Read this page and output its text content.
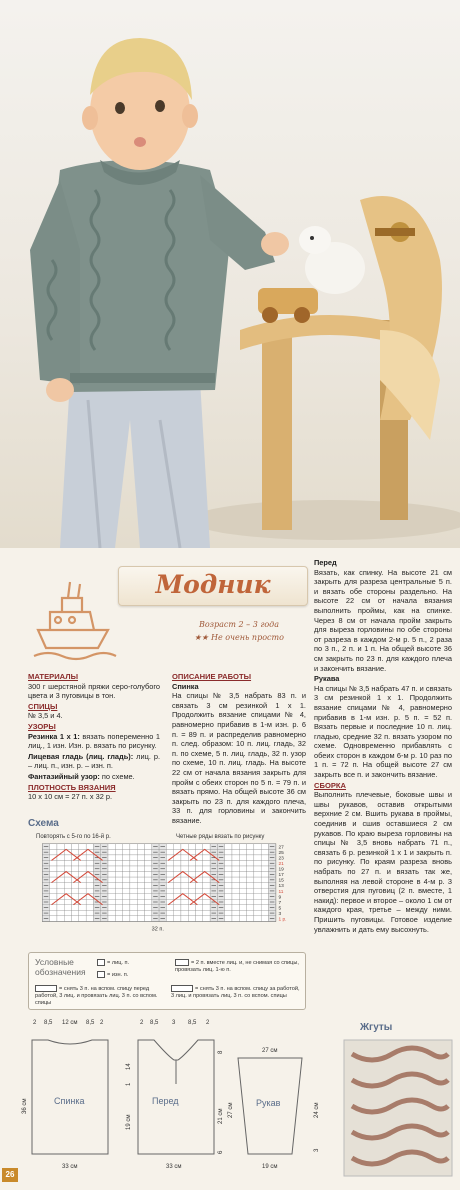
Модник
Возраст 2 – 3 года
★★ Не очень просто
МАТЕРИАЛЫ
300 г шерстяной пряжи серо-голубого цвета и 3 пуговицы в тон.
СПИЦЫ
№ 3,5 и 4.
УЗОРЫ
Резинка 1 х 1: вязать попеременно 1 лиц., 1 изн. Изн. р. вязать по рисунку.
Лицевая гладь (лиц. гладь): лиц. р. – лиц. п., изн. р. – изн. п.
Фантазийный узор: по схеме.
ПЛОТНОСТЬ ВЯЗАНИЯ
10 х 10 см = 27 п. х 32 р.
ОПИСАНИЕ РАБОТЫ
Спинка
На спицы № 3,5 набрать 83 п. и связать 3 см резинкой 1 х 1. Продолжить вязание спицами № 4, равномерно прибавив в 1-м изн. р. 6 п. = 89 п. и распределив равномерно п. след. образом: 10 п. лиц. гладь, 32 п. по схеме, 5 п. лиц. гладь, 32 п. узор по схеме, 10 п. лиц. гладь. На высоте 22 см от начала вязания закрыть для пройм с обеих сторон по 5 п. = 79 п. и вязать прямо. На общей высоте 36 см закрыть по 23 п. для каждого плеча, 33 п. для горловины и закончить вязание.
Перед
Вязать, как спинку. На высоте 21 см закрыть для разреза центральные 5 п. и вязать обе стороны раздельно. На высоте 22 см от начала вязания выполнить проймы, как на спинке. Через 8 см от начала пройм закрыть для выреза горловины по обе стороны от разреза в каждом 2-м р. 5 п., 2 раза по 3 п., 2 п. и 1 п. На общей высоте 36 см закрыть по 23 п. для каждого плеча и закончить вязание.
Рукава
На спицы № 3,5 набрать 47 п. и связать 3 см резинкой 1 х 1. Продолжить вязание спицами № 4, равномерно прибавив в 1-м изн. р. 5 п. = 52 п. Вязать первые и последние 10 п. лиц. гладью, средние 32 п. вязать узором по схеме. Одновременно прибавлять с обеих сторон в каждом 6-м р. 10 раз по 1 п. = 72 п. На общей высоте 27 см закрыть все п. и закончить вязание.
СБОРКА
Выполнить плечевые, боковые швы и швы рукавов, оставив открытыми верхние 2 см. Вшить рукава в проймы, соединив и сшив оставшиеся 2 см рукавов. По краю выреза горловины на спицы № 3,5 вновь набрать 71 п., связать 6 р. резинкой 1 х 1 и закрыть п. по рисунку. По краям разреза вновь набрать по 27 п. и вязать так же, выполняя на левой стороне в 4-м р. 3 отверстия для пуговиц (2 п. вместе, 1 накид): первое и второе – около 1 см от каждого края, третье – между ними. Пришить пуговицы. Готовое изделие увлажнить и дать ему высохнуть.
Схема
Повторять с 5-го по 16-й р.	Четные ряды вязать по рисунку
27
25
23
21
19
17
15
13
11
9
7
5
3
1 р.
32 п.
Условные обозначения
= лиц. п.
= изн. п.
= 2 п. вместе лиц. и, не снимая со спицы, провязать лиц. 1-ю п.
= снять 3 п. на вспом. спицу перед работой, 3 лиц. и провязать лиц. 3 п. со вспом. спицы
= снять 3 п. на вспом. спицу за работой, 3 лиц. и провязать лиц. 3 п. со вспом. спицы
Спинка
2 8,5 12 см 8,5 2
33 см
36 см	Перед
2 8,5 3 8,5 2
33 см
14
1
19 см
8
21 см
6
Рукав
27 см
19 см
24 см
3
27 см
Жгуты
26
